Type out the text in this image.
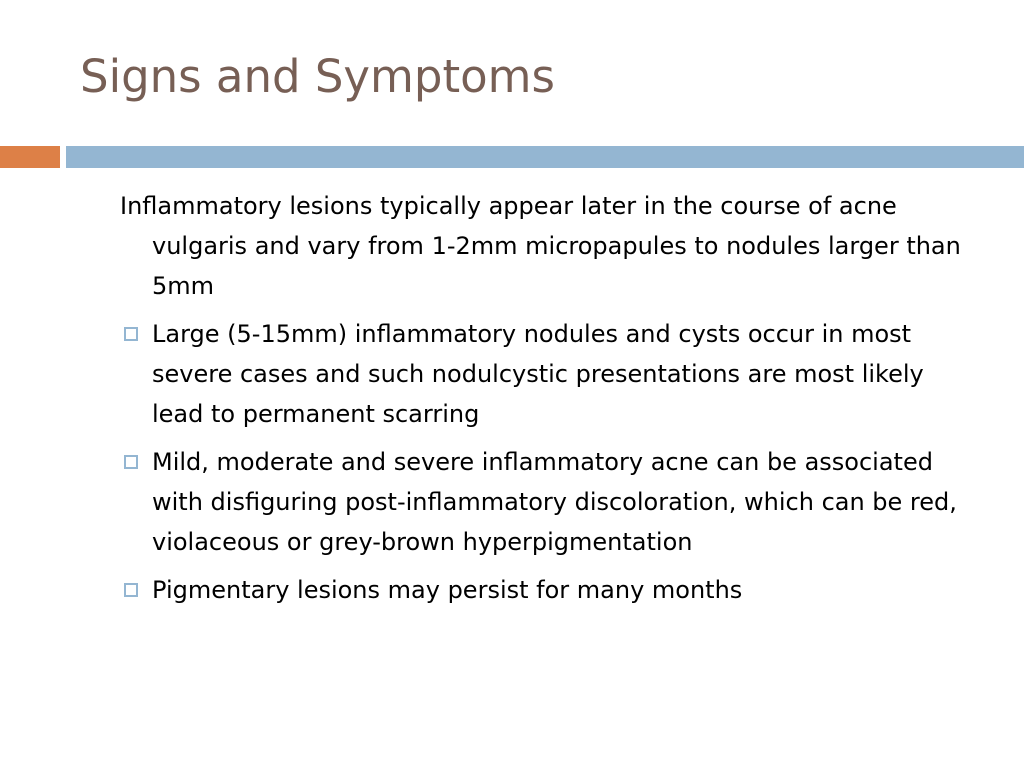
Signs and Symptoms

Inflammatory lesions typically appear later in the course of acne vulgaris and vary from 1-2mm micropapules to nodules larger than 5mm

Large (5-15mm) inflammatory nodules and cysts occur in most severe cases and such nodulcystic presentations are most likely lead to permanent scarring
Mild, moderate and severe inflammatory acne can be associated with disfiguring post-inflammatory discoloration, which can be red, violaceous or grey-brown hyperpigmentation
Pigmentary lesions may persist for many months
